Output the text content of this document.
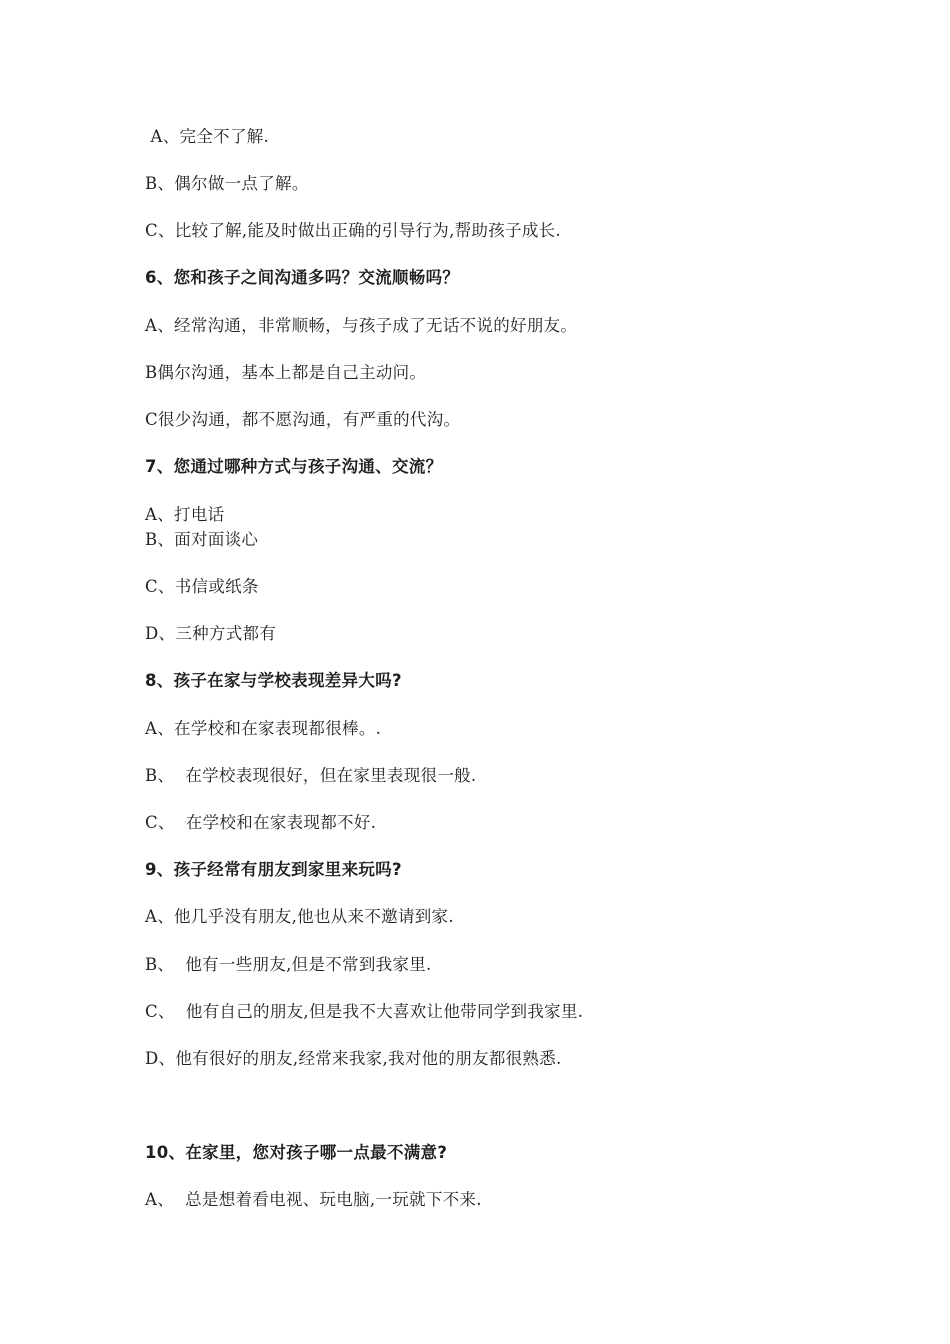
A、完全不了解.
B、偶尔做一点了解。
C、比较了解,能及时做出正确的引导行为,帮助孩子成长.
6、您和孩子之间沟通多吗？交流顺畅吗？
A、经常沟通，非常顺畅，与孩子成了无话不说的好朋友。
B偶尔沟通，基本上都是自己主动问。
C很少沟通，都不愿沟通，有严重的代沟。
7、您通过哪种方式与孩子沟通、交流？
A、打电话
B、面对面谈心
C、书信或纸条
D、三种方式都有
8、孩子在家与学校表现差异大吗?
A、在学校和在家表现都很棒。.
B、  在学校表现很好，但在家里表现很一般.
C、  在学校和在家表现都不好.
9、孩子经常有朋友到家里来玩吗?
A、他几乎没有朋友,他也从来不邀请到家.
B、  他有一些朋友,但是不常到我家里.
C、  他有自己的朋友,但是我不大喜欢让他带同学到我家里.
D、他有很好的朋友,经常来我家,我对他的朋友都很熟悉.
10、在家里，您对孩子哪一点最不满意?
A、  总是想着看电视、玩电脑,一玩就下不来.
